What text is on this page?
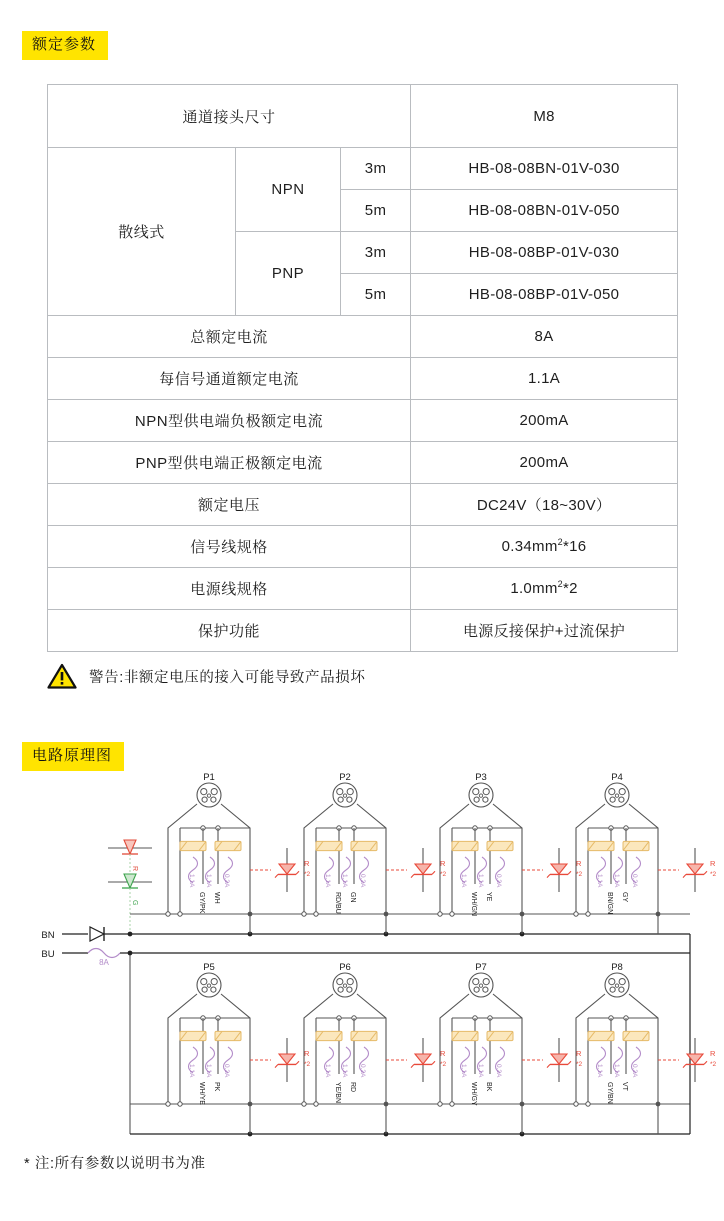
额定参数
通道接头尺寸			M8
散线式	NPN	3m	HB-08-08BN-01V-030
		5m	HB-08-08BN-01V-050
	PNP	3m	HB-08-08BP-01V-030
		5m	HB-08-08BP-01V-050
总额定电流			8A
每信号通道额定电流			1.1A
NPN型供电端负极额定电流			200mA
PNP型供电端正极额定电流			200mA
额定电压			DC24V（18~30V）
信号线规格			$0.34mm^2*16$
电源线规格			$1.0mm^2*2$
保护功能			电源反接保护+过流保护
警告:非额定电压的接入可能导致产品损坏
电路原理图
R
G
BN
BU
8A
P1
1.1A 1.1A 0.2A
GY/PK WH
R
*2
P2
1.1A 1.1A 0.2A
RD/BU GN
R
*2
P3
1.1A 1.1A 0.2A
WH/GN YE
R
*2
P4
1.1A 1.1A 0.2A
BN/GN GY
R
*2
P5
1.1A 1.1A 0.2A
WH/YE PK
R
*2
P6
1.1A 1.1A 0.2A
YE/BN RD
R
*2
P7
1.1A 1.1A 0.2A
WH/GY BK
R
*2
P8
1.1A 1.1A 0.2A
GY/BN VT
R
*2
* 注:所有参数以说明书为准
